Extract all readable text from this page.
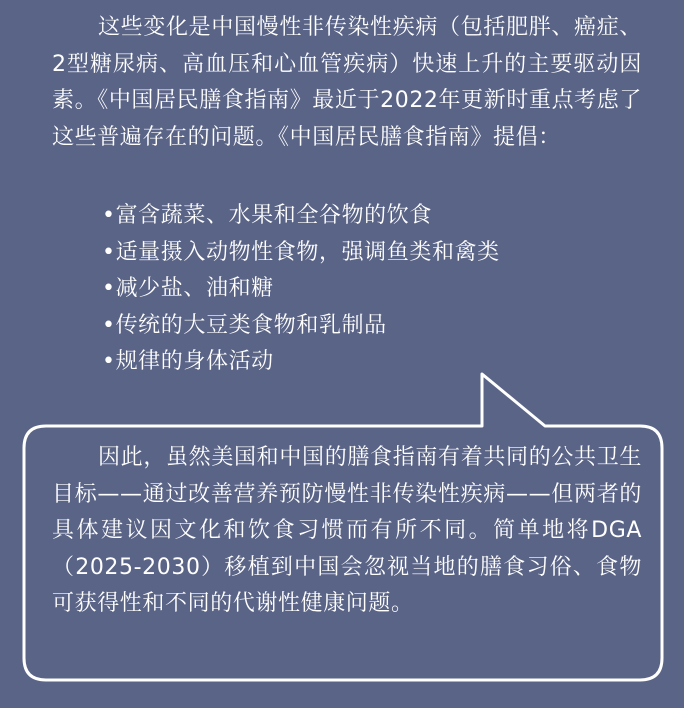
这些变化是中国慢性非传染性疾病（包括肥胖、癌症、2型糖尿病、高血压和心血管疾病）快速上升的主要驱动因素。《中国居民膳食指南》最近于2022年更新时重点考虑了这些普遍存在的问题。《中国居民膳食指南》提倡：

•富含蔬菜、水果和全谷物的饮食
•适量摄入动物性食物，强调鱼类和禽类
•减少盐、油和糖
•传统的大豆类食物和乳制品
•规律的身体活动

因此，虽然美国和中国的膳食指南有着共同的公共卫生目标——通过改善营养预防慢性非传染性疾病——但两者的具体建议因文化和饮食习惯而有所不同。简单地将DGA（2025-2030）移植到中国会忽视当地的膳食习俗、食物可获得性和不同的代谢性健康问题。
